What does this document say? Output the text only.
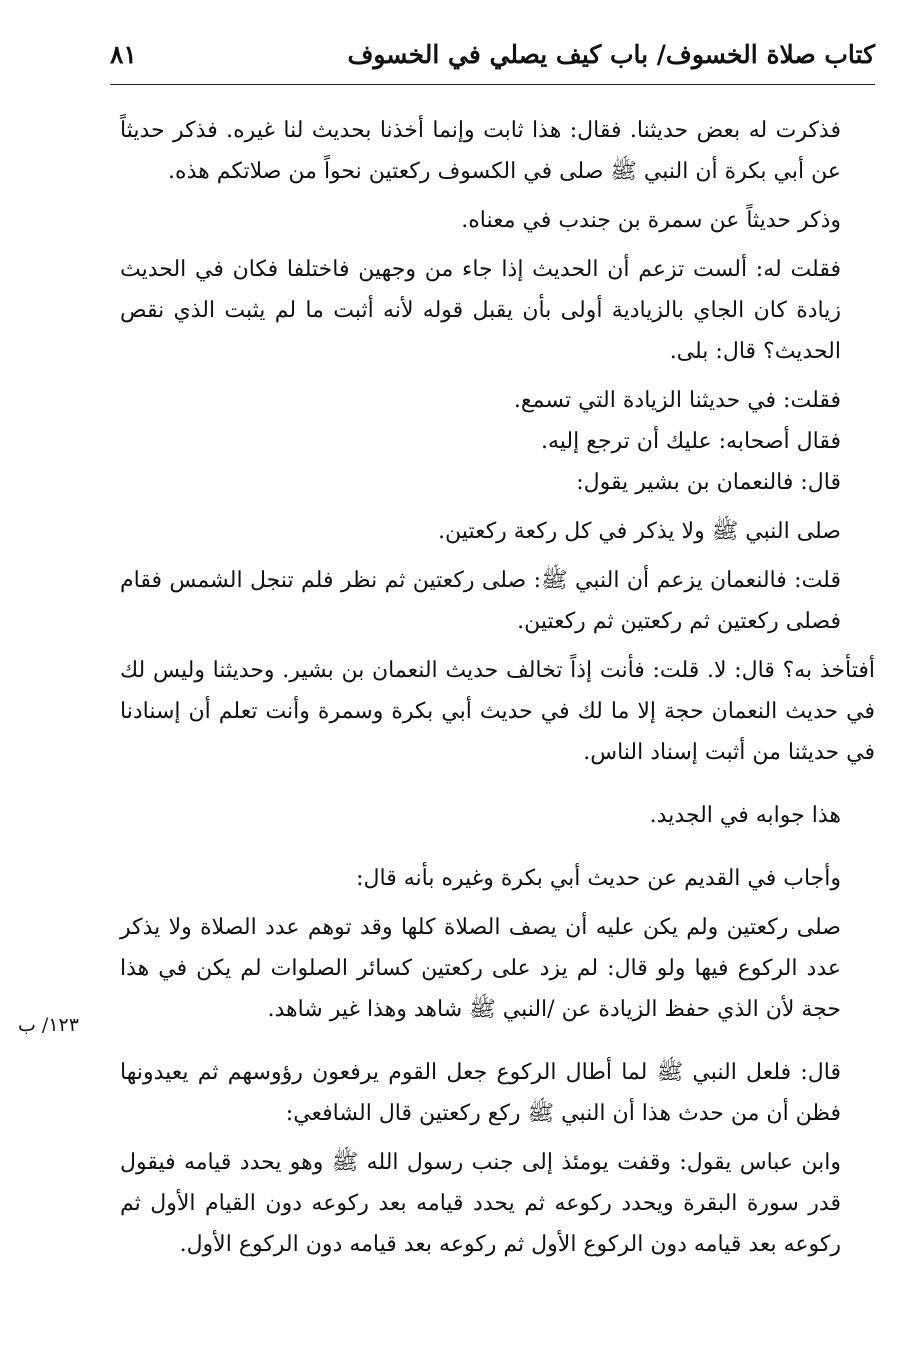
كتاب صلاة الخسوف/ باب كيف يصلي في الخسوف
٨١
١٢٣/ ب

فذكرت له بعض حديثنا. فقال: هذا ثابت وإنما أخذنا بحديث لنا غيره. فذكر حديثاً عن أبي بكرة أن النبي ﷺ صلى في الكسوف ركعتين نحواً من صلاتكم هذه.

وذكر حديثاً عن سمرة بن جندب في معناه.

فقلت له: ألست تزعم أن الحديث إذا جاء من وجهين فاختلفا فكان في الحديث زيادة كان الجاي بالزيادية أولى بأن يقبل قوله لأنه أثبت ما لم يثبت الذي نقص الحديث؟ قال: بلى.

فقلت: في حديثنا الزيادة التي تسمع.

فقال أصحابه: عليك أن ترجع إليه.

قال: فالنعمان بن بشير يقول:

صلى النبي ﷺ ولا يذكر في كل ركعة ركعتين.

قلت: فالنعمان يزعم أن النبي ﷺ: صلى ركعتين ثم نظر فلم تنجل الشمس فقام فصلى ركعتين ثم ركعتين ثم ركعتين.

أفتأخذ به؟ قال: لا. قلت: فأنت إذاً تخالف حديث النعمان بن بشير. وحديثنا وليس لك في حديث النعمان حجة إلا ما لك في حديث أبي بكرة وسمرة وأنت تعلم أن إسنادنا في حديثنا من أثبت إسناد الناس.

هذا جوابه في الجديد.

وأجاب في القديم عن حديث أبي بكرة وغيره بأنه قال:

صلى ركعتين ولم يكن عليه أن يصف الصلاة كلها وقد توهم عدد الصلاة ولا يذكر عدد الركوع فيها ولو قال: لم يزد على ركعتين كسائر الصلوات لم يكن في هذا حجة لأن الذي حفظ الزيادة عن /النبي ﷺ شاهد وهذا غير شاهد.

قال: فلعل النبي ﷺ لما أطال الركوع جعل القوم يرفعون رؤوسهم ثم يعيدونها فظن أن من حدث هذا أن النبي ﷺ ركع ركعتين قال الشافعي:

وابن عباس يقول: وقفت يومئذ إلى جنب رسول الله ﷺ وهو يحدد قيامه فيقول قدر سورة البقرة ويحدد ركوعه ثم يحدد قيامه بعد ركوعه دون القيام الأول ثم ركوعه بعد قيامه دون الركوع الأول ثم ركوعه بعد قيامه دون الركوع الأول.
